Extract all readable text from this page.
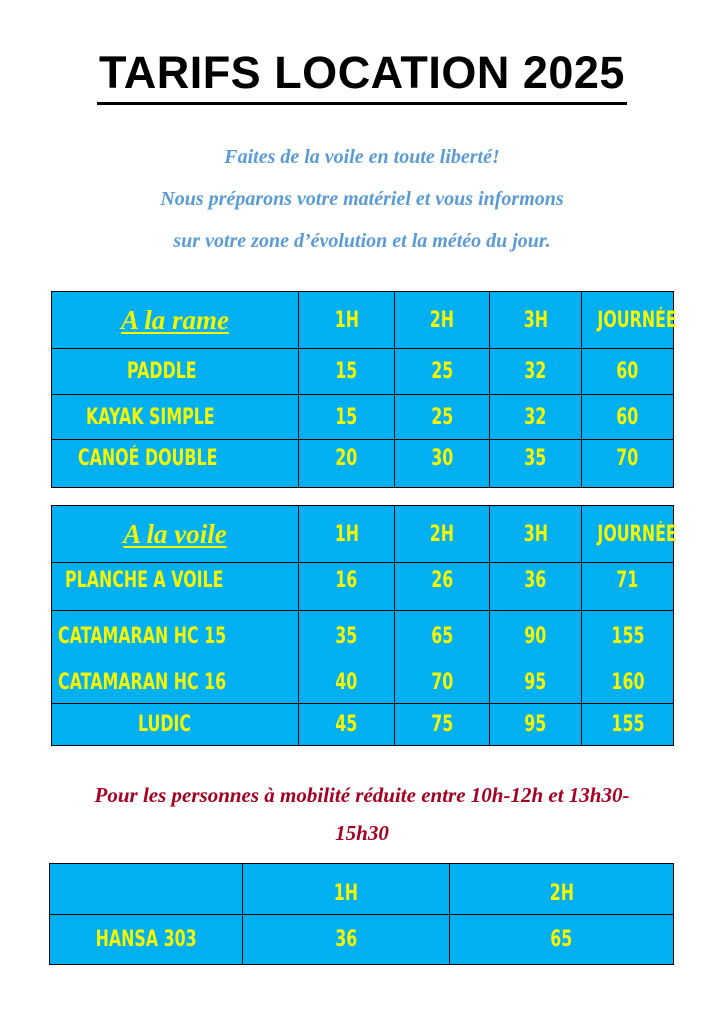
TARIFS LOCATION 2025
Faites de la voile en toute liberté!
Nous préparons votre matériel et vous informons
sur votre zone d’évolution et la météo du jour.
A la rame	1H	2H	3H	JOURNÉE
PADDLE	15	25	32	60
KAYAK SIMPLE	15	25	32	60
CANOÉ DOUBLE	20	30	35	70
A la voile	1H	2H	3H	JOURNÉE
PLANCHE A VOILE	16	26	36	71
CATAMARAN HC 15	35	65	90	155
CATAMARAN HC 16	40	70	95	160
LUDIC	45	75	95	155
Pour les personnes à mobilité réduite entre 10h-12h et 13h30-
15h30
	1H	2H
HANSA 303	36	65
